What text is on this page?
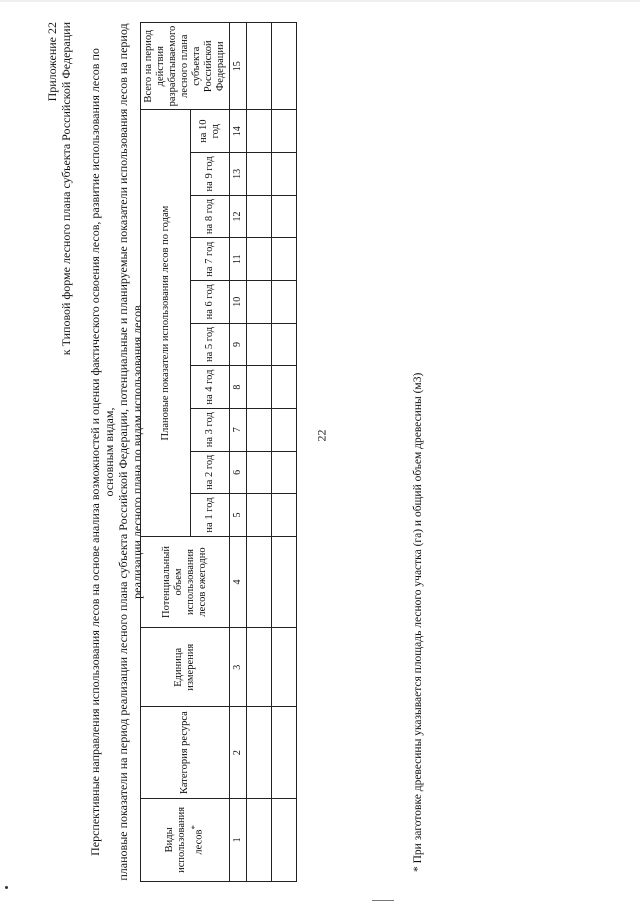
22
Приложение 22 к Типовой форме лесного плана субъекта Российской Федерации Перспективные направления использования лесов на основе анализа возможностей и оценки фактического освоения лесов, развитие использования лесов по основным видам, плановые показатели на период реализации лесного плана субъекта Российской Федерации, потенциальные и планируемые показатели использования лесов на период реализации лесного плана по видам использования лесов
Виды использования лесов*	Категория ресурса	Единица измерения	Потенциальный объем использования лесов ежегодно	Плановые показатели использования лесов по годам										Всего на период действия разрабатываемого лесного плана субъекта Российской Федерации
				на 1 год	на 2 год	на 3 год	на 4 год	на 5 год	на 6 год	на 7 год	на 8 год	на 9 год	на 10 год	
1	2	3	4	5	6	7	8	9	10	11	12	13	14	15

* При заготовке древесины указывается площадь лесного участка (га) и общий объем древесины (м3)
